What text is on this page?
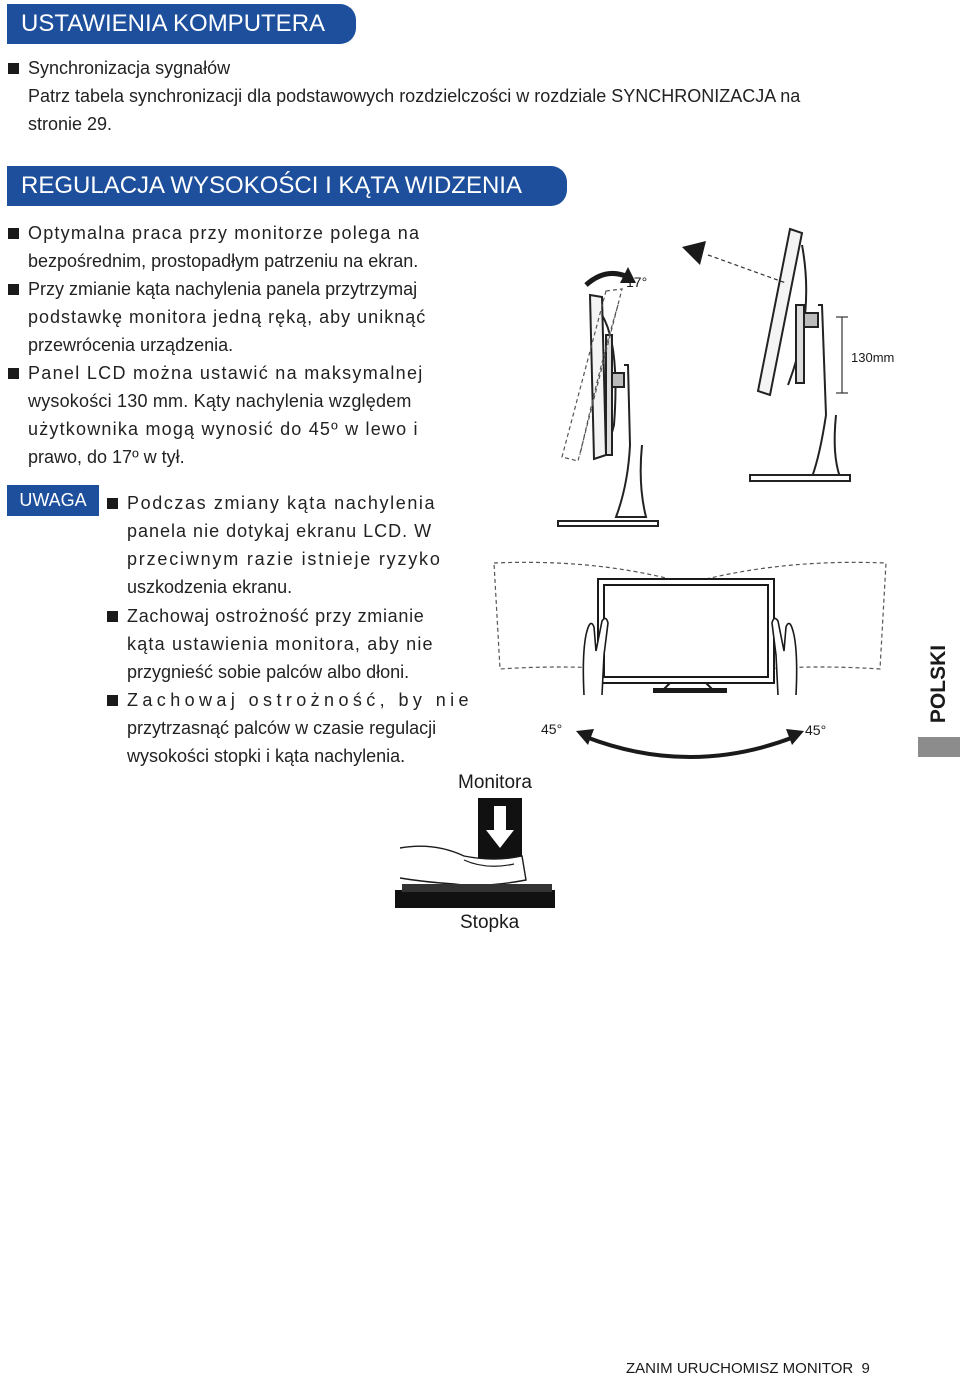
USTAWIENIA KOMPUTERA
REGULACJA WYSOKOŚCI I KĄTA WIDZENIA
Synchronizacja sygnałów
Patrz tabela synchronizacji dla podstawowych rozdzielczości w rozdziale SYNCHRONIZACJA na
stronie 29.
Optymalna praca przy monitorze polega na
bezpośrednim, prostopadłym patrzeniu na ekran.
Przy zmianie kąta nachylenia panela przytrzymaj
podstawkę monitora jedną ręką, aby uniknąć
przewrócenia urządzenia.
Panel LCD można ustawić na maksymalnej
wysokości 130 mm. Kąty nachylenia względem
użytkownika mogą wynosić do 45º w lewo i
prawo, do 17º w tył.
UWAGA	Podczas zmiany kąta nachylenia
panela nie dotykaj ekranu LCD. W
przeciwnym razie istnieje ryzyko
uszkodzenia ekranu.
Zachowaj ostrożność przy zmianie
kąta ustawienia monitora, aby nie
przygnieść sobie palców albo dłoni.
Zachowaj ostrożność, by nie
przytrzasnąć palców w czasie regulacji
wysokości stopki i kąta nachylenia.
17°
130mm
45°	45°
Monitora
Stopka
POLSKI
ZANIM URUCHOMISZ MONITOR  9
